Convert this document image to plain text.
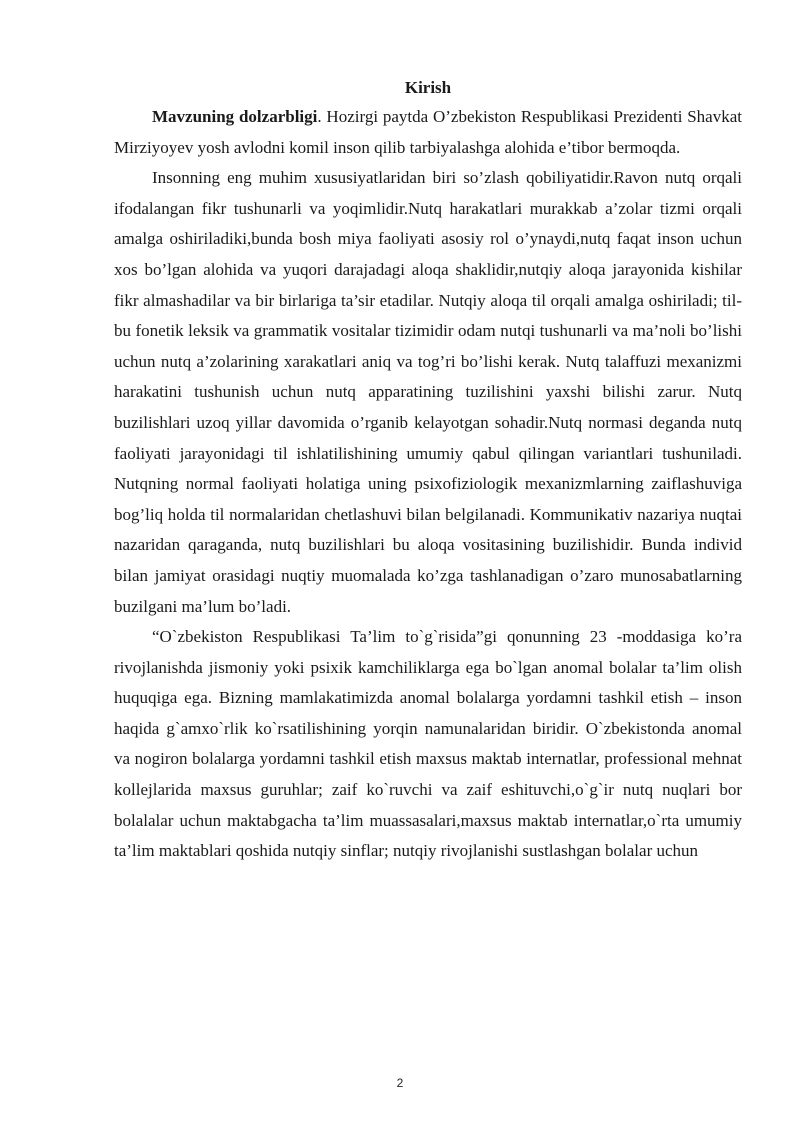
Kirish

Mavzuning dolzarbligi. Hozirgi paytda O’zbekiston Respublikasi Prezidenti Shavkat Mirziyoyev yosh avlodni komil inson qilib tarbiyalashga alohida e’tibor bermoqda.

Insonning eng muhim xususiyatlaridan biri so’zlash qobiliyatidir.Ravon nutq orqali ifodalangan fikr tushunarli va yoqimlidir.Nutq harakatlari murakkab a’zolar tizmi orqali amalga oshiriladiki,bunda bosh miya faoliyati asosiy rol o’ynaydi,nutq faqat inson uchun xos bo’lgan alohida va yuqori darajadagi aloqa shaklidir,nutqiy aloqa jarayonida kishilar fikr almashadilar va bir birlariga ta’sir etadilar. Nutqiy aloqa til orqali amalga oshiriladi; til-bu fonetik leksik va grammatik vositalar tizimidir odam nutqi tushunarli va ma’noli bo’lishi uchun nutq a’zolarining xarakatlari aniq va tog’ri bo’lishi kerak. Nutq talaffuzi mexanizmi harakatini tushunish uchun nutq apparatining tuzilishini yaxshi bilishi zarur. Nutq buzilishlari uzoq yillar davomida o’rganib kelayotgan sohadir.Nutq normasi deganda nutq faoliyati jarayonidagi til ishlatilishining umumiy qabul qilingan variantlari tushuniladi. Nutqning normal faoliyati holatiga uning psixofiziologik mexanizmlarning zaiflashuviga bog’liq holda til normalaridan chetlashuvi bilan belgilanadi. Kommunikativ nazariya nuqtai nazaridan qaraganda, nutq buzilishlari bu aloqa vositasining buzilishidir. Bunda individ bilan jamiyat orasidagi nuqtiy muomalada ko’zga tashlanadigan o’zaro munosabatlarning buzilgani ma’lum bo’ladi.

“O`zbekiston Respublikasi Ta’lim to`g`risida”gi qonunning 23 -moddasiga ko’ra rivojlanishda jismoniy yoki psixik kamchiliklarga ega bo`lgan anomal bolalar ta’lim olish huquqiga ega. Bizning mamlakatimizda anomal bolalarga yordamni tashkil etish – inson haqida g`amxo`rlik ko`rsatilishining yorqin namunalaridan biridir. O`zbekistonda anomal va nogiron bolalarga yordamni tashkil etish maxsus maktab internatlar, professional mehnat kollejlarida maxsus guruhlar; zaif ko`ruvchi va zaif eshituvchi,o`g`ir nutq nuqlari bor bolalalar uchun maktabgacha ta’lim muassasalari,maxsus maktab internatlar,o`rta umumiy ta’lim maktablari qoshida nutqiy sinflar; nutqiy rivojlanishi sustlashgan bolalar uchun

2
